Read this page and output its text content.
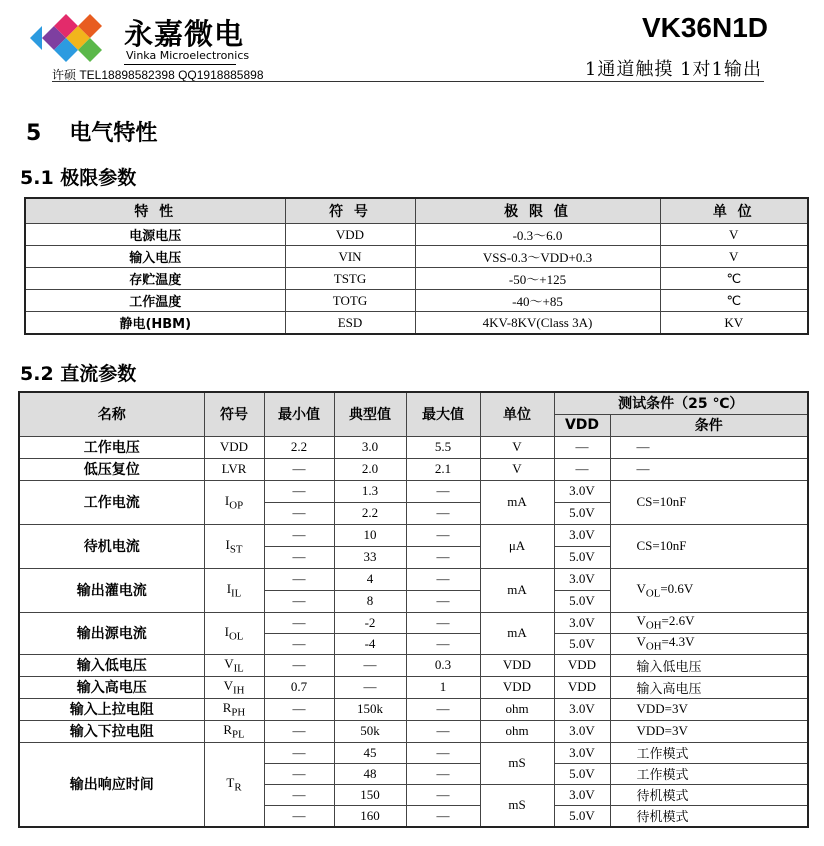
永嘉微电
Vinka Microelectronics
许硕 TEL18898582398 QQ1918885898
VK36N1D
1通道触摸 1对1输出
5 电气特性
5.1 极限参数
特 性	符 号	极 限 值	单 位
电源电压	VDD	-0.3～6.0	V
输入电压	VIN	VSS-0.3～VDD+0.3	V
存贮温度	TSTG	-50～+125	℃
工作温度	TOTG	-40～+85	℃
静电(HBM)	ESD	4KV-8KV(Class 3A)	KV
5.2 直流参数
名称	符号	最小值	典型值	最大值	单位	测试条件（25 ℃）	
						VDD	条件
工作电压	VDD	2.2	3.0	5.5	V	—	—
低压复位	LVR	—	2.0	2.1	V	—	—
工作电流	$I_{OP}$	—	1.3	—	mA	3.0V	CS=10nF
		—	2.2	—		5.0V	
待机电流	$I_{ST}$	—	10	—	μA	3.0V	CS=10nF
		—	33	—		5.0V	
输出灌电流	$I_{IL}$	—	4	—	mA	3.0V	$V_{OL}=0.6V$
		—	8	—		5.0V	
输出源电流	$I_{OL}$	—	-2	—	mA	3.0V	$V_{OH}=2.6V$
		—	-4	—		5.0V	$V_{OH}=4.3V$
输入低电压	$V_{IL}$	—	—	0.3	VDD	VDD	输入低电压
输入高电压	$V_{IH}$	0.7	—	1	VDD	VDD	输入高电压
输入上拉电阻	$R_{PH}$	—	150k	—	ohm	3.0V	VDD=3V
输入下拉电阻	$R_{PL}$	—	50k	—	ohm	3.0V	VDD=3V
输出响应时间	$T_R$	—	45	—	mS	3.0V	工作模式
		—	48	—		5.0V	工作模式
		—	150	—	mS	3.0V	待机模式
		—	160	—		5.0V	待机模式
